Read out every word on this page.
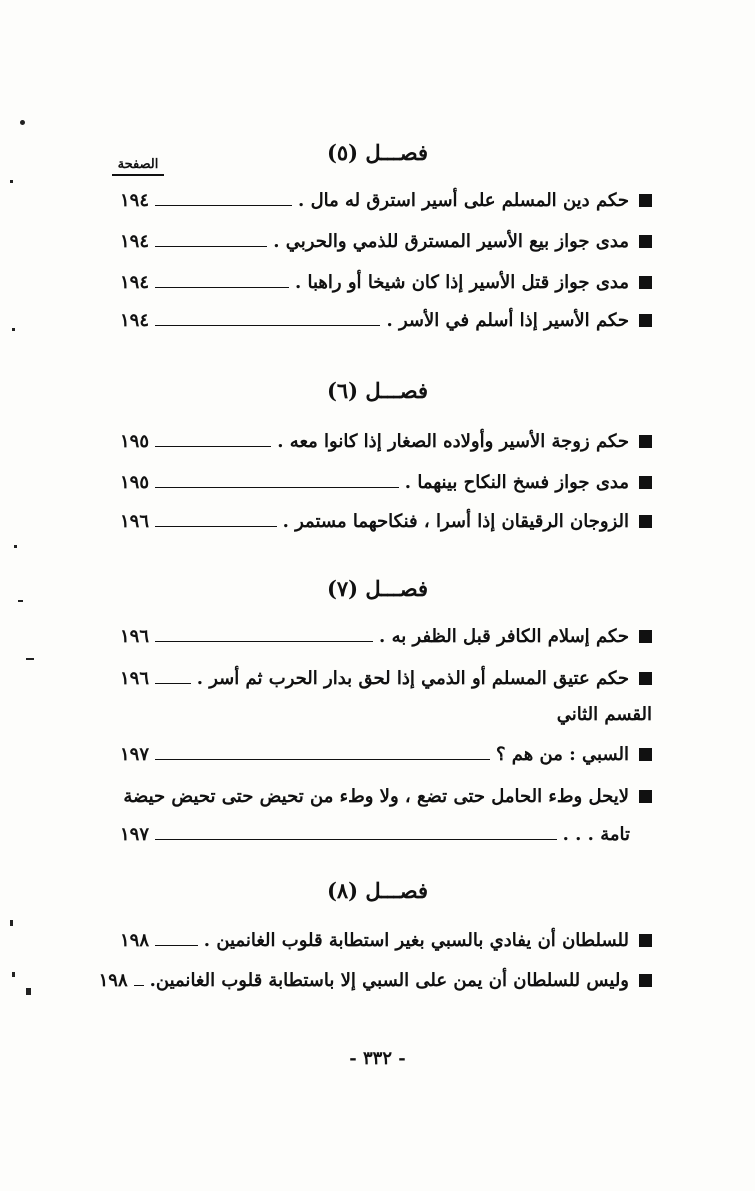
فصـــل (٥)
الصفحة
حكم دين المسلم على أسير استرق له مال .
١٩٤
مدى جواز بيع الأسير المسترق للذمي والحربي .
١٩٤
مدى جواز قتل الأسير إذا كان شيخا أو راهبا .
١٩٤
حكم الأسير إذا أسلم في الأسر .
١٩٤
فصـــل (٦)
حكم زوجة الأسير وأولاده الصغار إذا كانوا معه .
١٩٥
مدى جواز فسخ النكاح بينهما .
١٩٥
الزوجان الرقيقان إذا أسرا ، فنكاحهما مستمر .
١٩٦
فصـــل (٧)
حكم إسلام الكافر قبل الظفر به .
١٩٦
حكم عتيق المسلم أو الذمي إذا لحق بدار الحرب ثم أسر .
١٩٦
القسم الثاني
السبي : من هم ؟
١٩٧
لايحل وطء الحامل حتى تضع ، ولا وطء من تحيض حتى تحيض حيضة
تامة . . .
١٩٧
فصـــل (٨)
للسلطان أن يفادي بالسبي بغير استطابة قلوب الغانمين .
١٩٨
وليس للسلطان أن يمن على السبي إلا باستطابة قلوب الغانمين.
١٩٨
- ٣٣٢ -
